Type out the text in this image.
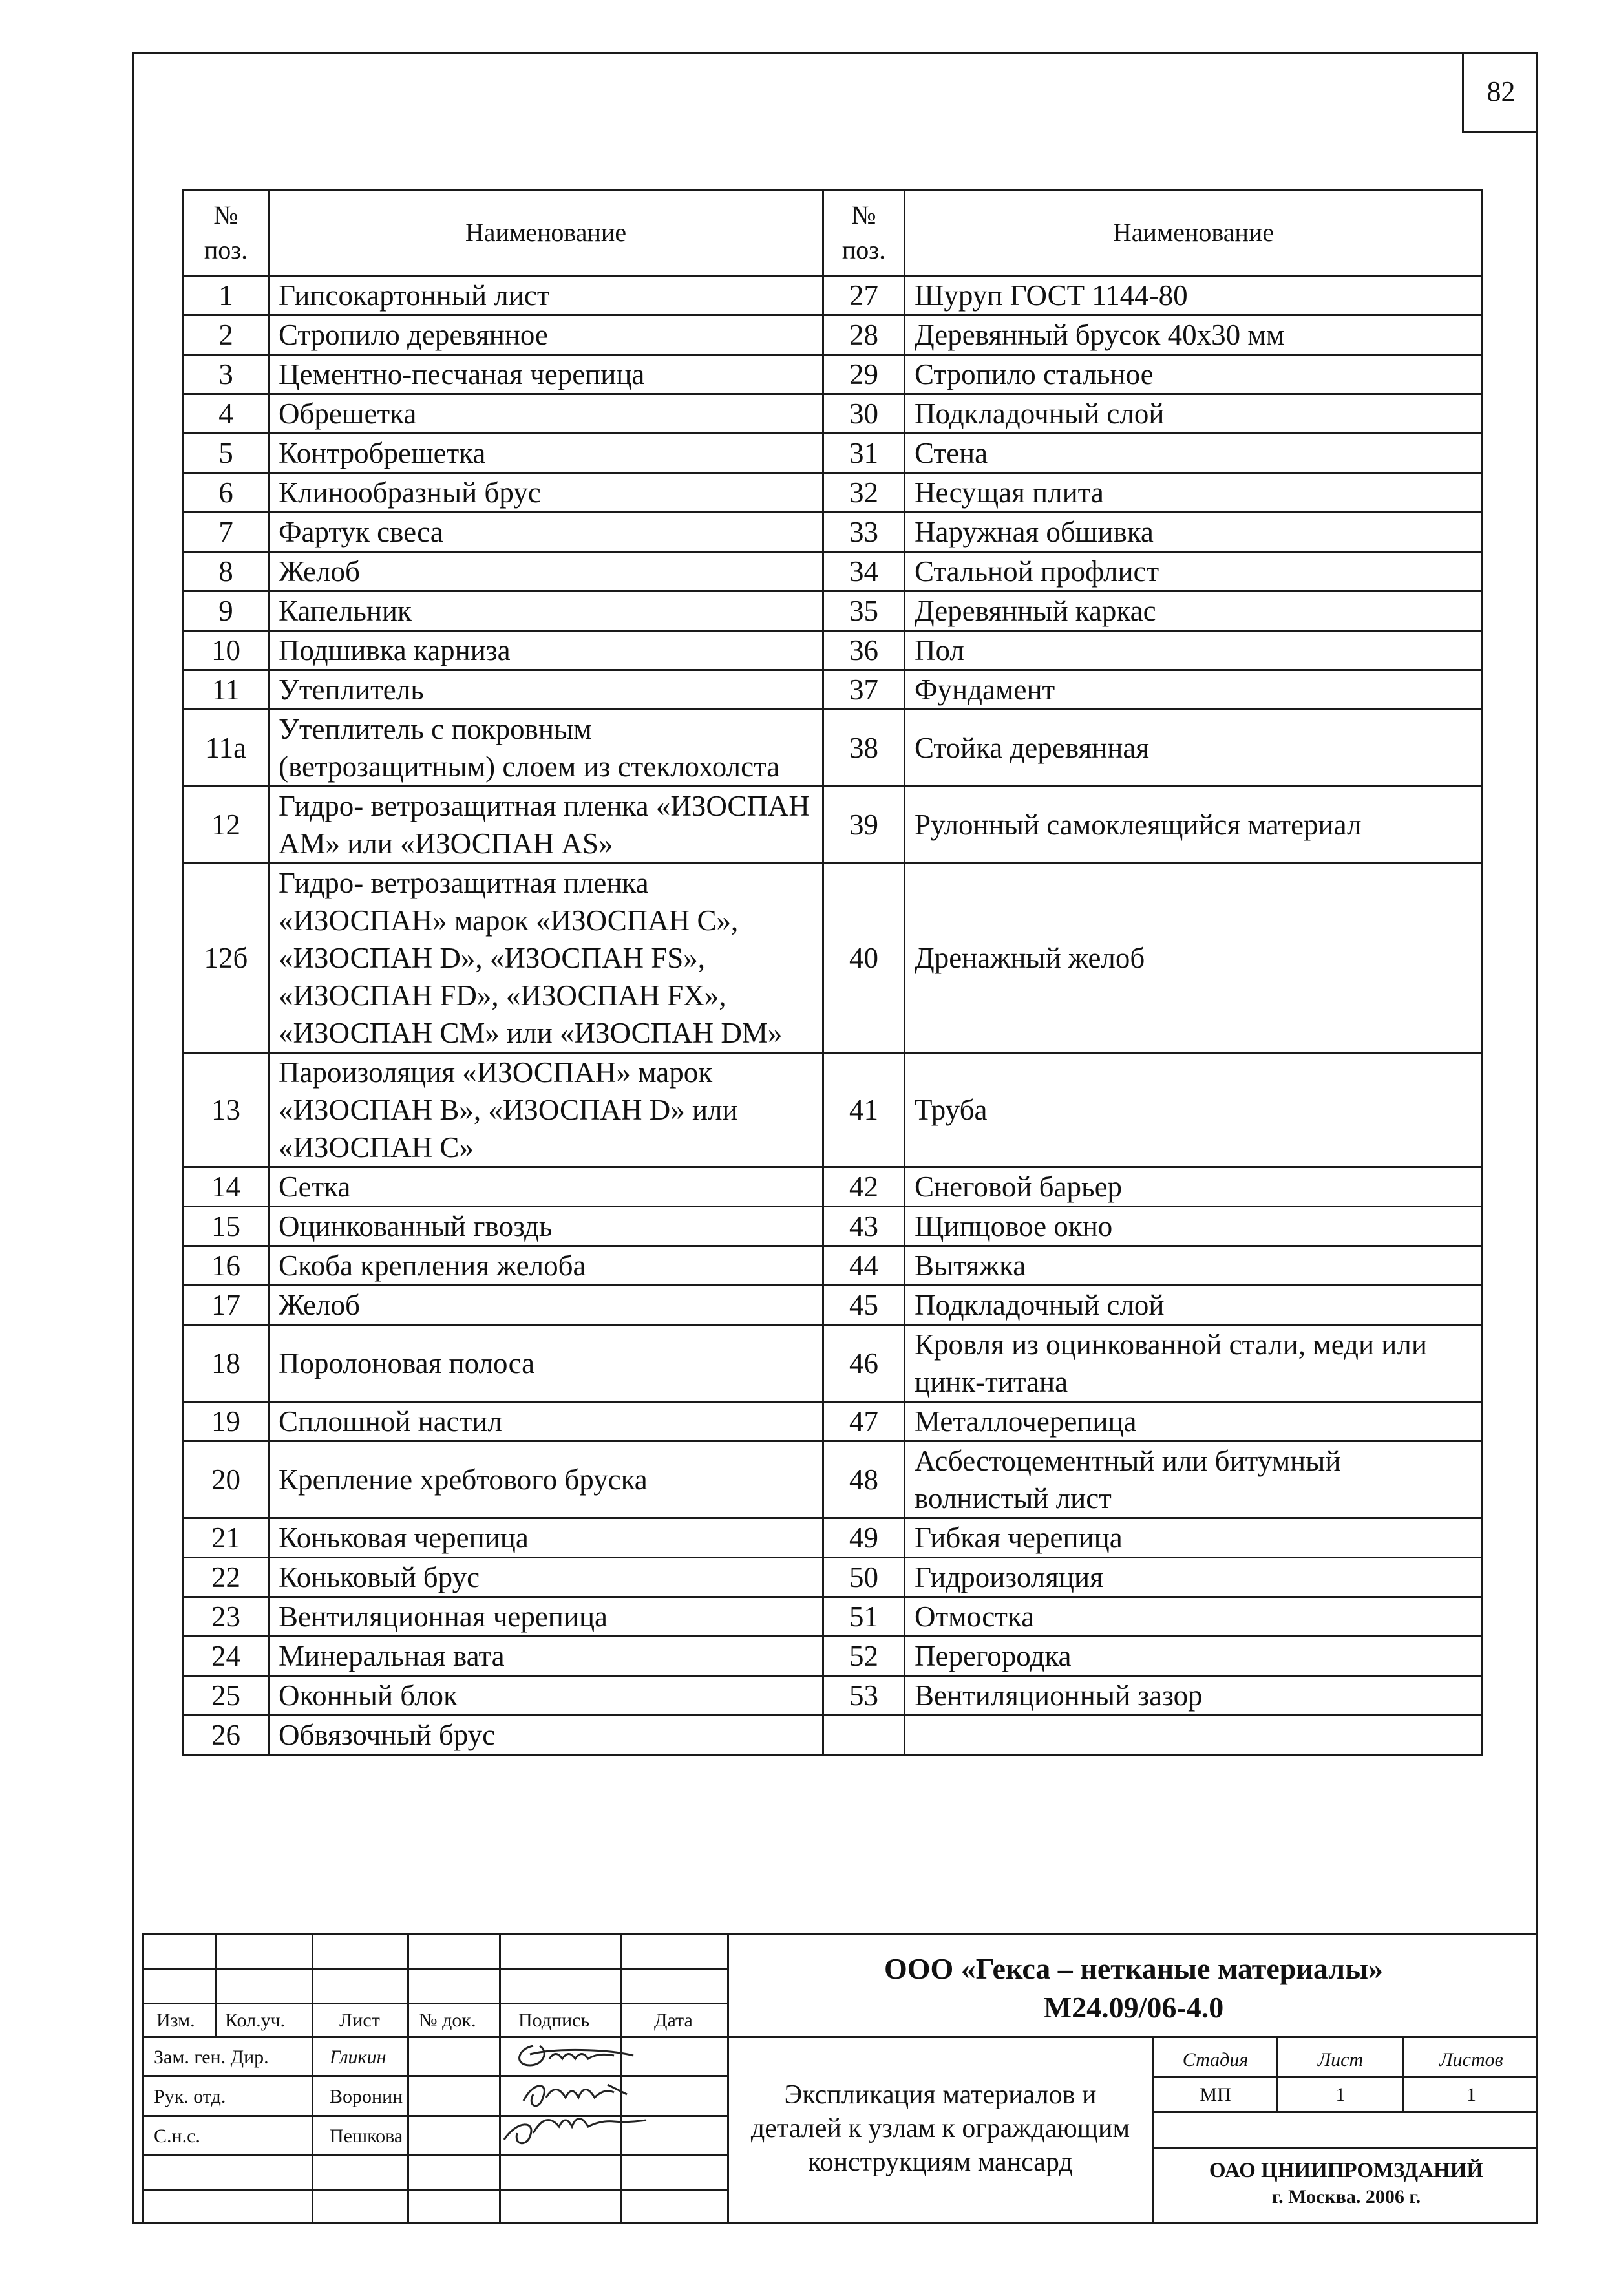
82
№ поз.	Наименование	№ поз.	Наименование
1	Гипсокартонный лист	27	Шуруп ГОСТ 1144-80
2	Стропило деревянное	28	Деревянный брусок 40х30 мм
3	Цементно-песчаная черепица	29	Стропило стальное
4	Обрешетка	30	Подкладочный слой
5	Контробрешетка	31	Стена
6	Клинообразный брус	32	Несущая плита
7	Фартук свеса	33	Наружная обшивка
8	Желоб	34	Стальной профлист
9	Капельник	35	Деревянный каркас
10	Подшивка карниза	36	Пол
11	Утеплитель	37	Фундамент
11а	Утеплитель с покровным (ветрозащитным) слоем из стеклохолста	38	Стойка деревянная
12	Гидро- ветрозащитная пленка «ИЗОСПАН АМ» или «ИЗОСПАН AS»	39	Рулонный самоклеящийся материал
12б	Гидро- ветрозащитная пленка «ИЗОСПАН» марок «ИЗОСПАН С», «ИЗОСПАН D», «ИЗОСПАН FS», «ИЗОСПАН FD», «ИЗОСПАН FX», «ИЗОСПАН СМ» или «ИЗОСПАН DM»	40	Дренажный желоб
13	Пароизоляция «ИЗОСПАН» марок «ИЗОСПАН В», «ИЗОСПАН D» или «ИЗОСПАН С»	41	Труба
14	Сетка	42	Снеговой барьер
15	Оцинкованный гвоздь	43	Щипцовое окно
16	Скоба крепления желоба	44	Вытяжка
17	Желоб	45	Подкладочный слой
18	Поролоновая полоса	46	Кровля из оцинкованной стали, меди или цинк-титана
19	Сплошной настил	47	Металлочерепица
20	Крепление хребтового бруска	48	Асбестоцементный или битумный волнистый лист
21	Коньковая черепица	49	Гибкая черепица
22	Коньковый брус	50	Гидроизоляция
23	Вентиляционная черепица	51	Отмостка
24	Минеральная вата	52	Перегородка
25	Оконный блок	53	Вентиляционный зазор
26	Обвязочный брус		
Изм. Кол.уч.	Лист № док. Подпись	Дата
Зам. ген. Дир.	Гликин
Рук. отд.	Воронин
С.н.с.	Пешкова
ООО «Гекса – нетканые материалы»
М24.09/06-4.0
Экспликация материалов и деталей к узлам к ограждающим конструкциям мансард
Стадия	Лист	Листов
МП	1	1
ОАО ЦНИИПРОМЗДАНИЙ
г. Москва. 2006 г.
